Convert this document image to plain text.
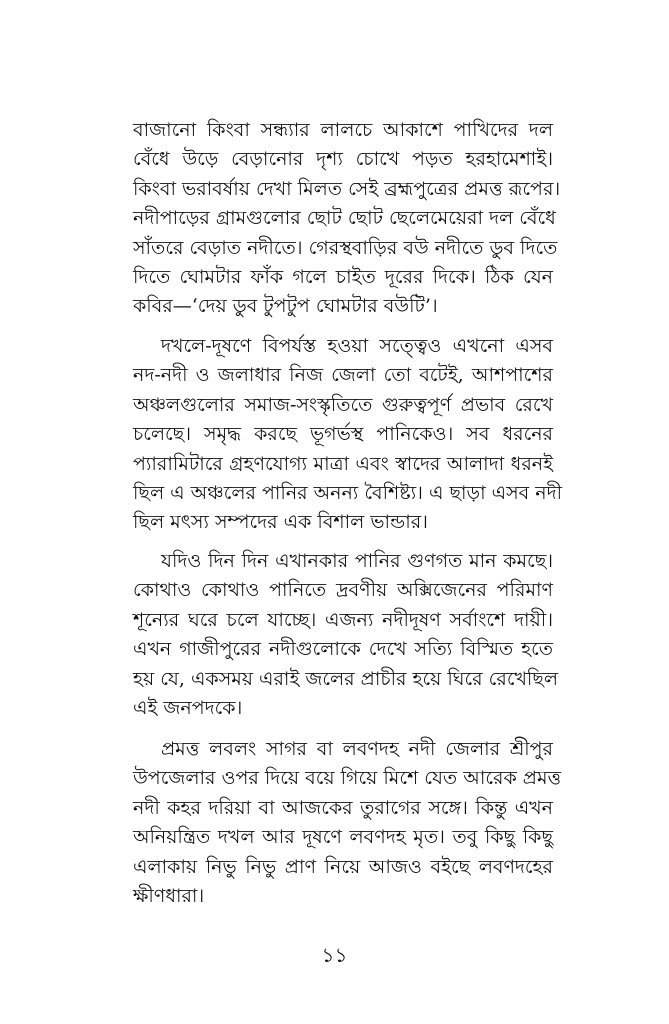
বাজানো কিংবা সন্ধ্যার লালচে আকাশে পাখিদের দল
বেঁধে উড়ে বেড়ানোর দৃশ্য চোখে পড়ত হরহামেশাই।
কিংবা ভরাবর্ষায় দেখা মিলত সেই ব্রহ্মপুত্রের প্রমত্ত রূপের।
নদীপাড়ের গ্রামগুলোর ছোট ছোট ছেলেমেয়েরা দল বেঁধে
সাঁতরে বেড়াত নদীতে। গেরস্থবাড়ির বউ নদীতে ডুব দিতে
দিতে ঘোমটার ফাঁক গলে চাইত দূরের দিকে। ঠিক যেন
কবির—‘দেয় ডুব টুপটুপ ঘোমটার বউটি’।
দখলে-দূষণে বিপর্যস্ত হওয়া সত্ত্বেও এখনো এসব
নদ-নদী ও জলাধার নিজ জেলা তো বটেই, আশপাশের
অঞ্চলগুলোর সমাজ-সংস্কৃতিতে গুরুত্বপূর্ণ প্রভাব রেখে
চলেছে। সমৃদ্ধ করছে ভূগর্ভস্থ পানিকেও। সব ধরনের
প্যারামিটারে গ্রহণযোগ্য মাত্রা এবং স্বাদের আলাদা ধরনই
ছিল এ অঞ্চলের পানির অনন্য বৈশিষ্ট্য। এ ছাড়া এসব নদী
ছিল মৎস্য সম্পদের এক বিশাল ভান্ডার।
যদিও দিন দিন এখানকার পানির গুণগত মান কমছে।
কোথাও কোথাও পানিতে দ্রবণীয় অক্সিজেনের পরিমাণ
শূন্যের ঘরে চলে যাচ্ছে। এজন্য নদীদূষণ সর্বাংশে দায়ী।
এখন গাজীপুরের নদীগুলোকে দেখে সত্যি বিস্মিত হতে
হয় যে, একসময় এরাই জলের প্রাচীর হয়ে ঘিরে রেখেছিল
এই জনপদকে।
প্রমত্ত লবলং সাগর বা লবণদহ নদী জেলার শ্রীপুর
উপজেলার ওপর দিয়ে বয়ে গিয়ে মিশে যেত আরেক প্রমত্ত
নদী কহর দরিয়া বা আজকের তুরাগের সঙ্গে। কিন্তু এখন
অনিয়ন্ত্রিত দখল আর দূষণে লবণদহ মৃত। তবু কিছু কিছু
এলাকায় নিভু নিভু প্রাণ নিয়ে আজও বইছে লবণদহের
ক্ষীণধারা।
১১
